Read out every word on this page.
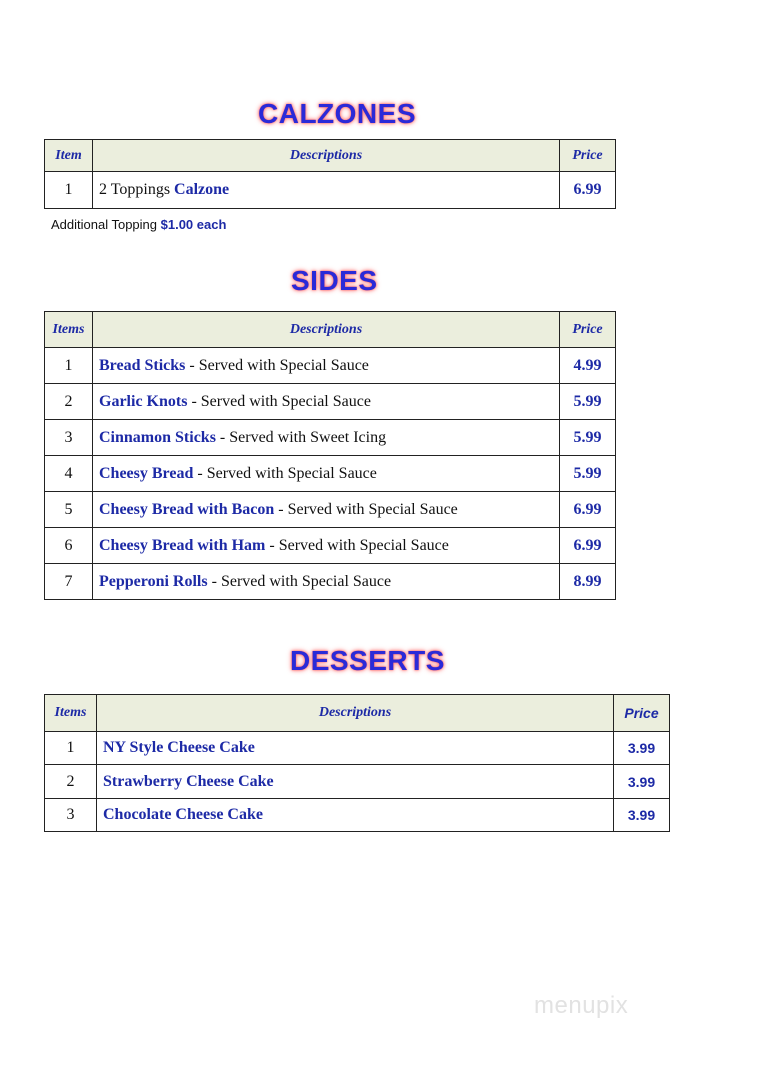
CALZONES
Item	Descriptions	Price
1	2 Toppings Calzone	6.99
Additional Topping $1.00 each
SIDES
Items	Descriptions	Price
1	Bread Sticks - Served with Special Sauce	4.99
2	Garlic Knots - Served with Special Sauce	5.99
3	Cinnamon Sticks - Served with Sweet Icing	5.99
4	Cheesy Bread - Served with Special Sauce	5.99
5	Cheesy Bread with Bacon - Served with Special Sauce	6.99
6	Cheesy Bread with Ham - Served with Special Sauce	6.99
7	Pepperoni Rolls - Served with Special Sauce	8.99
DESSERTS
Items	Descriptions	Price
1	NY Style Cheese Cake	3.99
2	Strawberry Cheese Cake	3.99
3	Chocolate Cheese Cake	3.99
menupix
